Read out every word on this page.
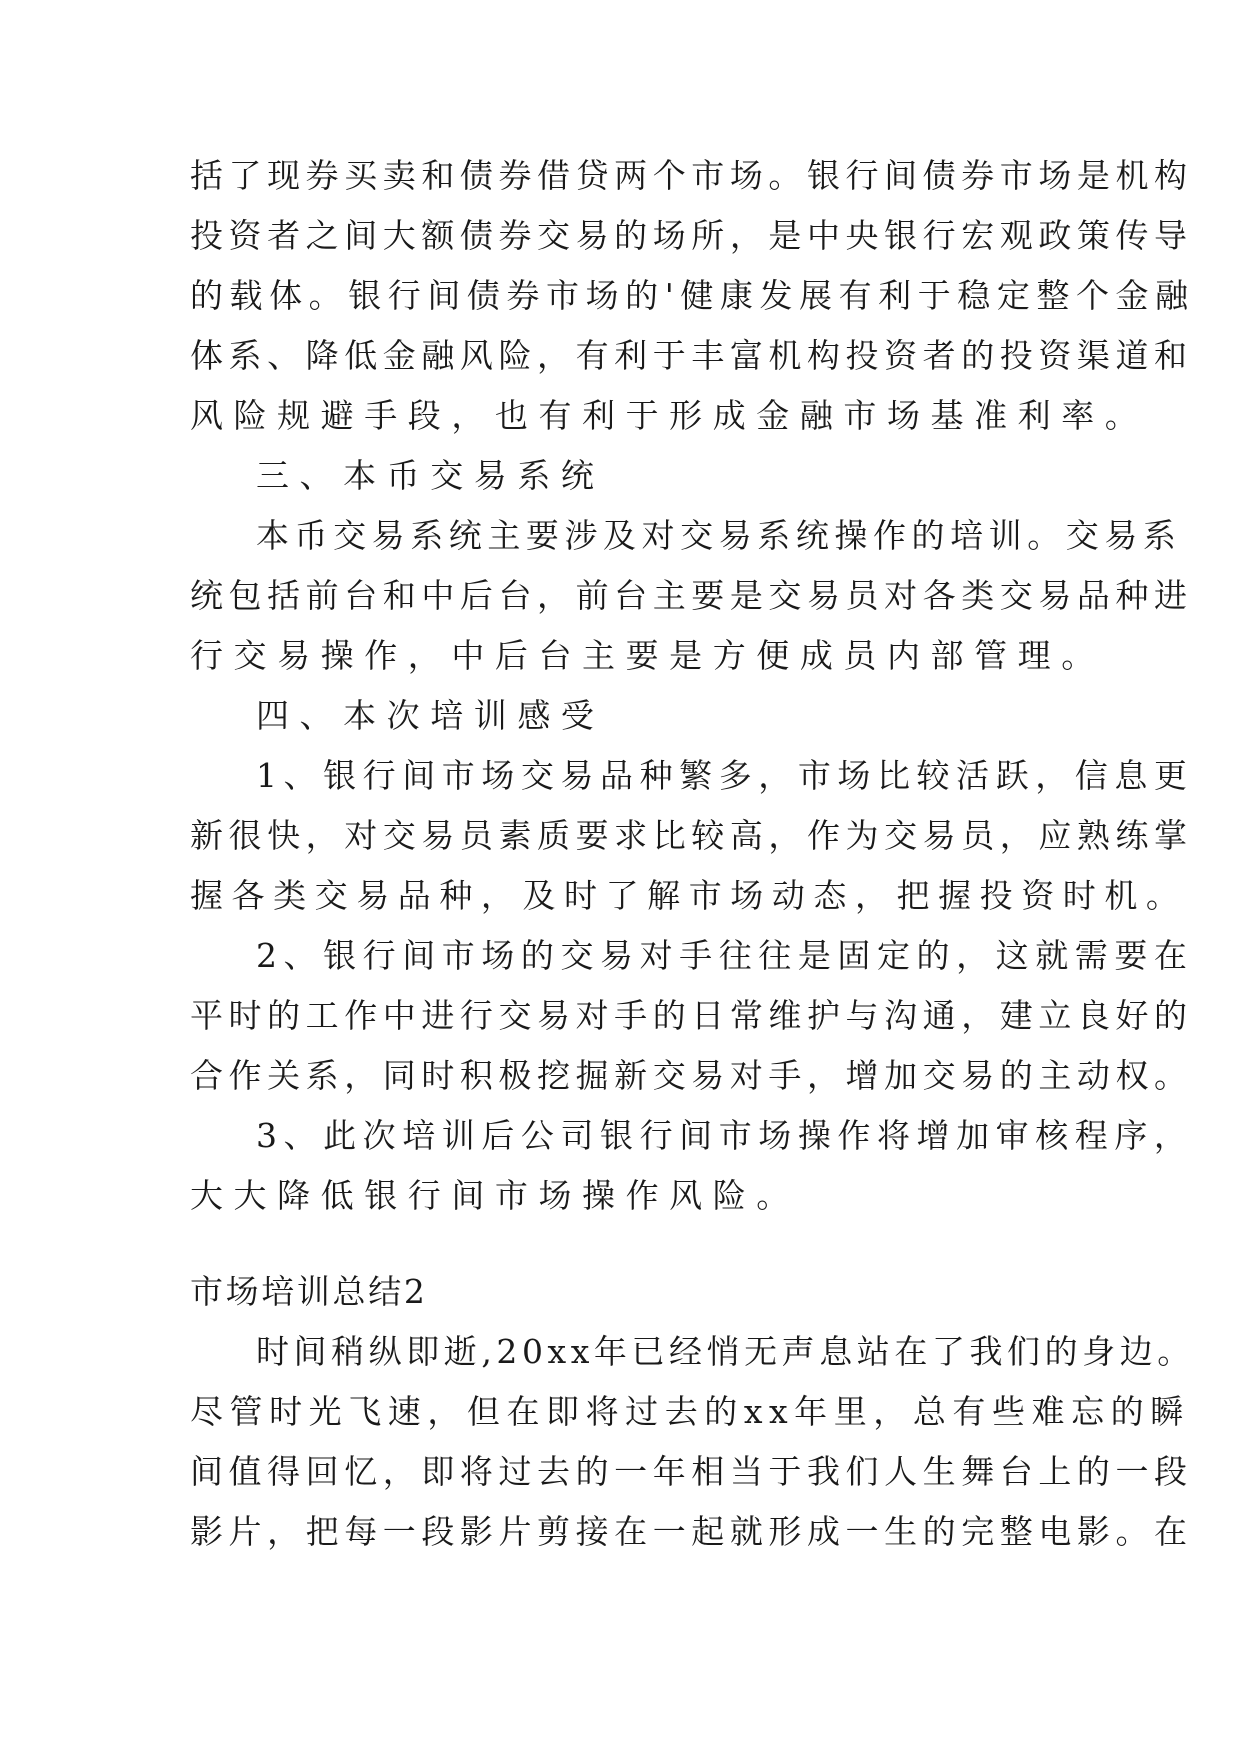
括了现券买卖和债券借贷两个市场。银行间债券市场是机构
投资者之间大额债券交易的场所，是中央银行宏观政策传导
的载体。银行间债券市场的'健康发展有利于稳定整个金融
体系、降低金融风险，有利于丰富机构投资者的投资渠道和
风险规避手段，也有利于形成金融市场基准利率。
三、本币交易系统
本币交易系统主要涉及对交易系统操作的培训。交易系
统包括前台和中后台，前台主要是交易员对各类交易品种进
行交易操作，中后台主要是方便成员内部管理。
四、本次培训感受
1、银行间市场交易品种繁多，市场比较活跃，信息更
新很快，对交易员素质要求比较高，作为交易员，应熟练掌
握各类交易品种，及时了解市场动态，把握投资时机。
2、银行间市场的交易对手往往是固定的，这就需要在
平时的工作中进行交易对手的日常维护与沟通，建立良好的
合作关系，同时积极挖掘新交易对手，增加交易的主动权。
3、此次培训后公司银行间市场操作将增加审核程序，
大大降低银行间市场操作风险。
市场培训总结2
时间稍纵即逝,20xx年已经悄无声息站在了我们的身边。
尽管时光飞速，但在即将过去的xx年里，总有些难忘的瞬
间值得回忆，即将过去的一年相当于我们人生舞台上的一段
影片，把每一段影片剪接在一起就形成一生的完整电影。在
